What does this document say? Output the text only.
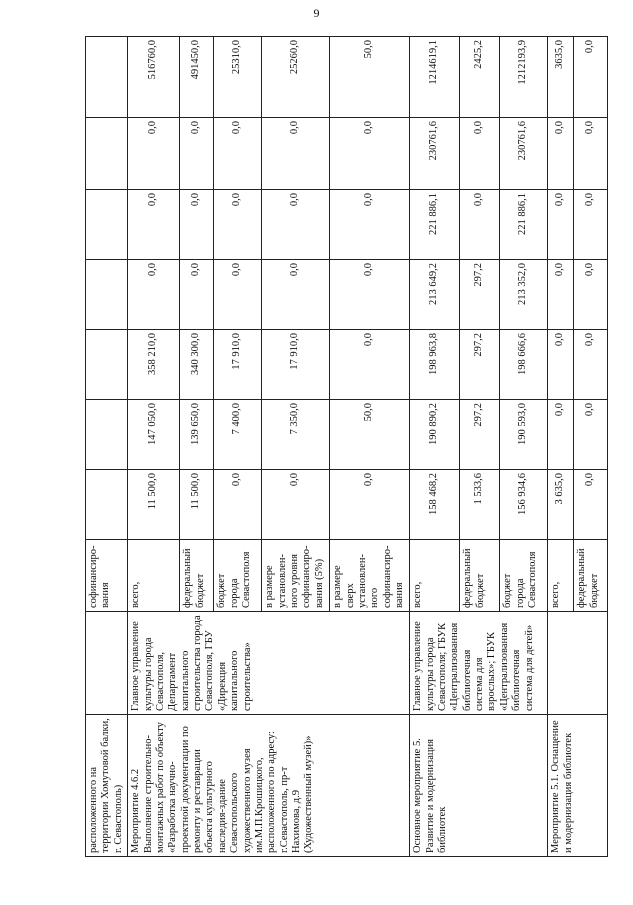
9
расположенного на территории Хомутовой балки, г. Севастополь)		софинансиро-вания							
Мероприятие 4.6.2 Выполнение строительно-монтажных работ по объекту «Разработка научно-проектной документации по ремонту и реставрации объекта культурного наследия-здание Севастопольского художественного музея им.М.П.Крошицкого, расположенного по адресу: г.Севастополь, пр-т Нахимова, д.9 (Художественный музей)»	Главное управление культуры города Севастополя, Департамент капитального строительства города Севастополя, ГБУ «Дирекция капитального строительства»	всего,	11 500,0	147 050,0	358 210,0	0,0	0,0	0,0	516760,0
		федеральный бюджет	11 500,0	139 650,0	340 300,0	0,0	0,0	0,0	491450,0
		бюджет города Севастополя	0,0	7 400,0	17 910,0	0,0	0,0	0,0	25310,0
		в размере установлен-ного уровня софинансиро-вания (5%)	0,0	7 350,0	17 910,0	0,0	0,0	0,0	25260,0
		в размере сверх установлен-ного софинансиро-вания	0,0	50,0	0,0	0,0	0,0	0,0	50,0
Основное мероприятие 5. Развитие и модернизация библиотек	Главное управление культуры города Севастополя; ГБУК «Централизованная библиотечная система для взрослых»; ГБУК «Централизованная библиотечная система для детей»	всего,	158 468,2	190 890,2	198 963,8	213 649,2	221 886,1	230761,6	1214619,1
		федеральный бюджет	1 533,6	297,2	297,2	297,2	0,0	0,0	2425,2
		бюджет города Севастополя	156 934,6	190 593,0	198 666,6	213 352,0	221 886,1	230761,6	1212193,9
Мероприятие 5.1. Оснащение и модернизация библиотек		всего,	3 635,0	0,0	0,0	0,0	0,0	0,0	3635,0
		федеральный бюджет	0,0	0,0	0,0	0,0	0,0	0,0	0,0
